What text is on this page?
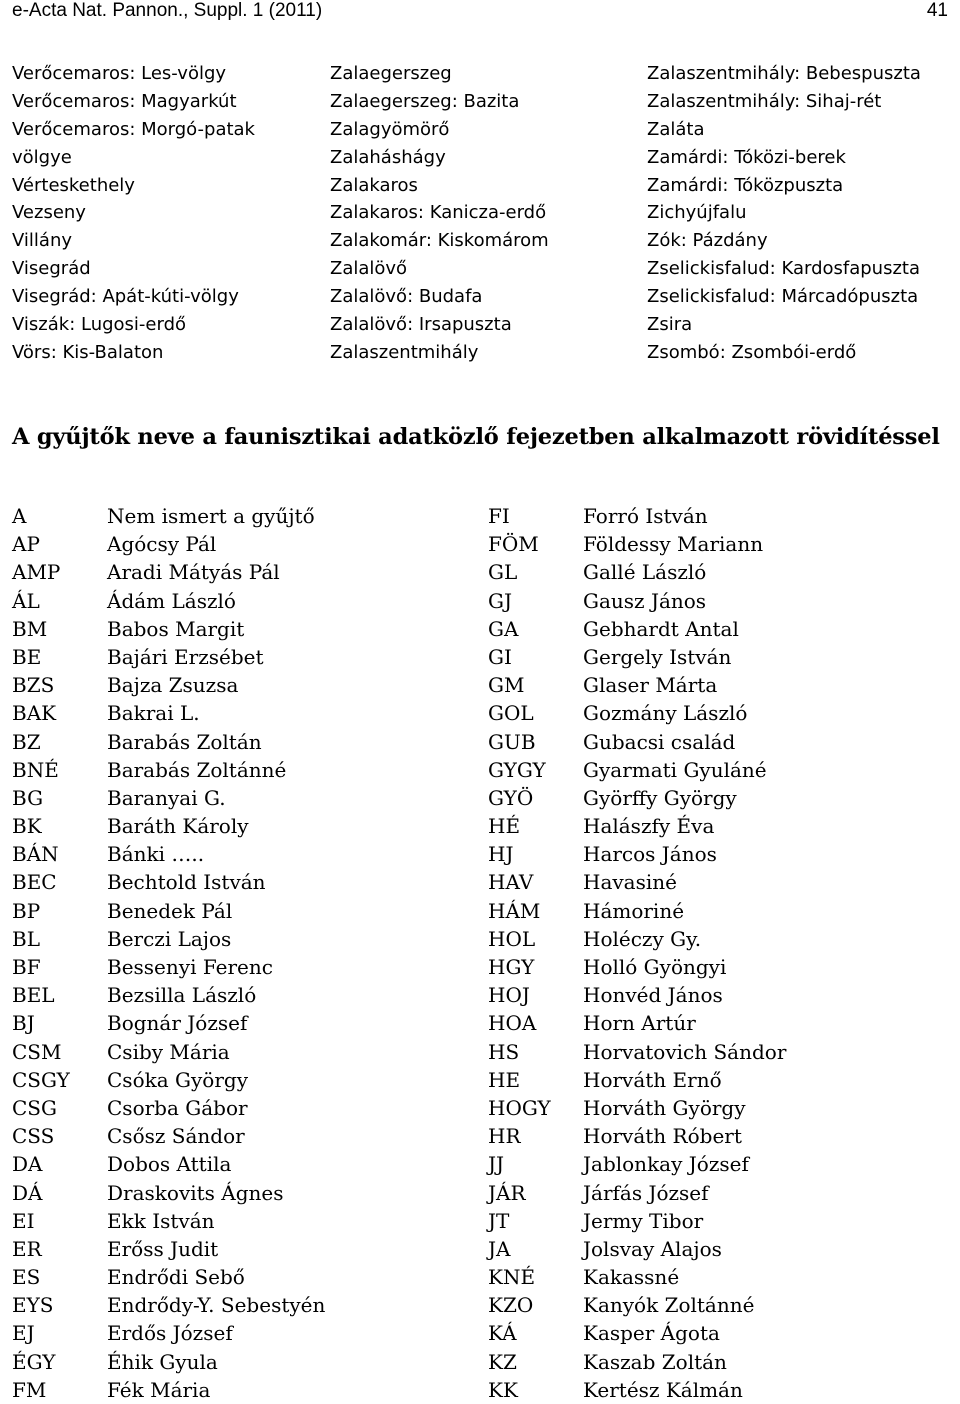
e-Acta Nat. Pannon., Suppl. 1 (2011)	41
Verőcemaros: Les-völgy
Verőcemaros: Magyarkút
Verőcemaros: Morgó-patak
völgye
Vérteskethely
Vezseny
Villány
Visegrád
Visegrád: Apát-kúti-völgy
Viszák: Lugosi-erdő
Vörs: Kis-Balaton
Zalaegerszeg
Zalaegerszeg: Bazita
Zalagyömörő
Zalaháshágy
Zalakaros
Zalakaros: Kanicza-erdő
Zalakomár: Kiskomárom
Zalalövő
Zalalövő: Budafa
Zalalövő: Irsapuszta
Zalaszentmihály
Zalaszentmihály: Bebespuszta
Zalaszentmihály: Sihaj-rét
Zaláta
Zamárdi: Tóközi-berek
Zamárdi: Tóközpuszta
Zichyújfalu
Zók: Pázdány
Zselickisfalud: Kardosfapuszta
Zselickisfalud: Márcadópuszta
Zsira
Zsombó: Zsombói-erdő
A gyűjtők neve a faunisztikai adatközlő fejezetben alkalmazott rövidítéssel
A	Nem ismert a gyűjtő
AP	Agócsy Pál
AMP Aradi Mátyás Pál
ÁL	Ádám László
BM	Babos Margit
BE	Bajári Erzsébet
BZS	Bajza Zsuzsa
BAK	Bakrai L.
BZ	Barabás Zoltán
BNÉ Barabás Zoltánné
BG	Baranyai G.
BK	Baráth Károly
BÁN Bánki …..
BEC	Bechtold István
BP	Benedek Pál
BL	Berczi Lajos
BF	Bessenyi Ferenc
BEL	Bezsilla László
BJ	Bognár József
CSM Csiby Mária
CSGY Csóka György
CSG	Csorba Gábor
CSS	Csősz Sándor
DA	Dobos Attila
DÁ	Draskovits Ágnes
EI	Ekk István
ER	Erőss Judit
ES	Endrődi Sebő
EYS	Endrődy-Y. Sebestyén
EJ	Erdős József
ÉGY	Éhik Gyula
FM	Fék Mária
FI	Forró István
FÖM Földessy Mariann
GL	Gallé László
GJ	Gausz János
GA	Gebhardt Antal
GI	Gergely István
GM	Glaser Márta
GOL Gozmány László
GUB Gubacsi család
GYGY Gyarmati Gyuláné
GYÖ Györffy György
HÉ	Halászfy Éva
HJ	Harcos János
HAV Havasiné
HÁM Hámoriné
HOL Holéczy Gy.
HGY Holló Gyöngyi
HOJ	Honvéd János
HOA Horn Artúr
HS	Horvatovich Sándor
HE	Horváth Ernő
HOGY Horváth György
HR	Horváth Róbert
JJ	Jablonkay József
JÁR	Járfás József
JT	Jermy Tibor
JA	Jolsvay Alajos
KNÉ Kakassné
KZO Kanyók Zoltánné
KÁ	Kasper Ágota
KZ	Kaszab Zoltán
KK	Kertész Kálmán
